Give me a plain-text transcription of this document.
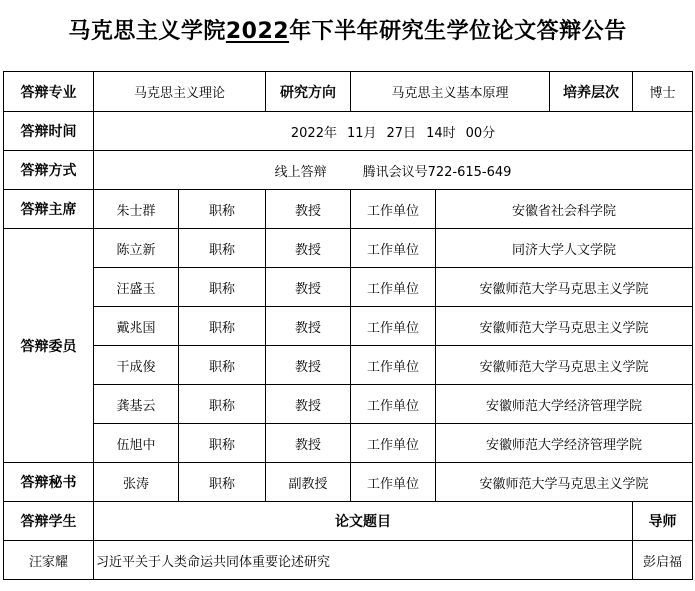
马克思主义学院2022年下半年研究生学位论文答辩公告
答辩专业	马克思主义理论		研究方向	马克思主义基本原理		培养层次	博士
答辩时间	2022年 11月 27日 14时 00分						
答辩方式	线上答辩 腾讯会议号722-615-649						
答辩主席	朱士群	职称	教授	工作单位	安徽省社会科学院		
答辩委员	陈立新	职称	教授	工作单位	同济大学人文学院		
	汪盛玉	职称	教授	工作单位	安徽师范大学马克思主义学院		
	戴兆国	职称	教授	工作单位	安徽师范大学马克思主义学院		
	干成俊	职称	教授	工作单位	安徽师范大学马克思主义学院		
	龚基云	职称	教授	工作单位	安徽师范大学经济管理学院		
	伍旭中	职称	教授	工作单位	安徽师范大学经济管理学院		
答辩秘书	张涛	职称	副教授	工作单位	安徽师范大学马克思主义学院		
答辩学生	论文题目						导师
汪家耀	习近平关于人类命运共同体重要论述研究						彭启福
